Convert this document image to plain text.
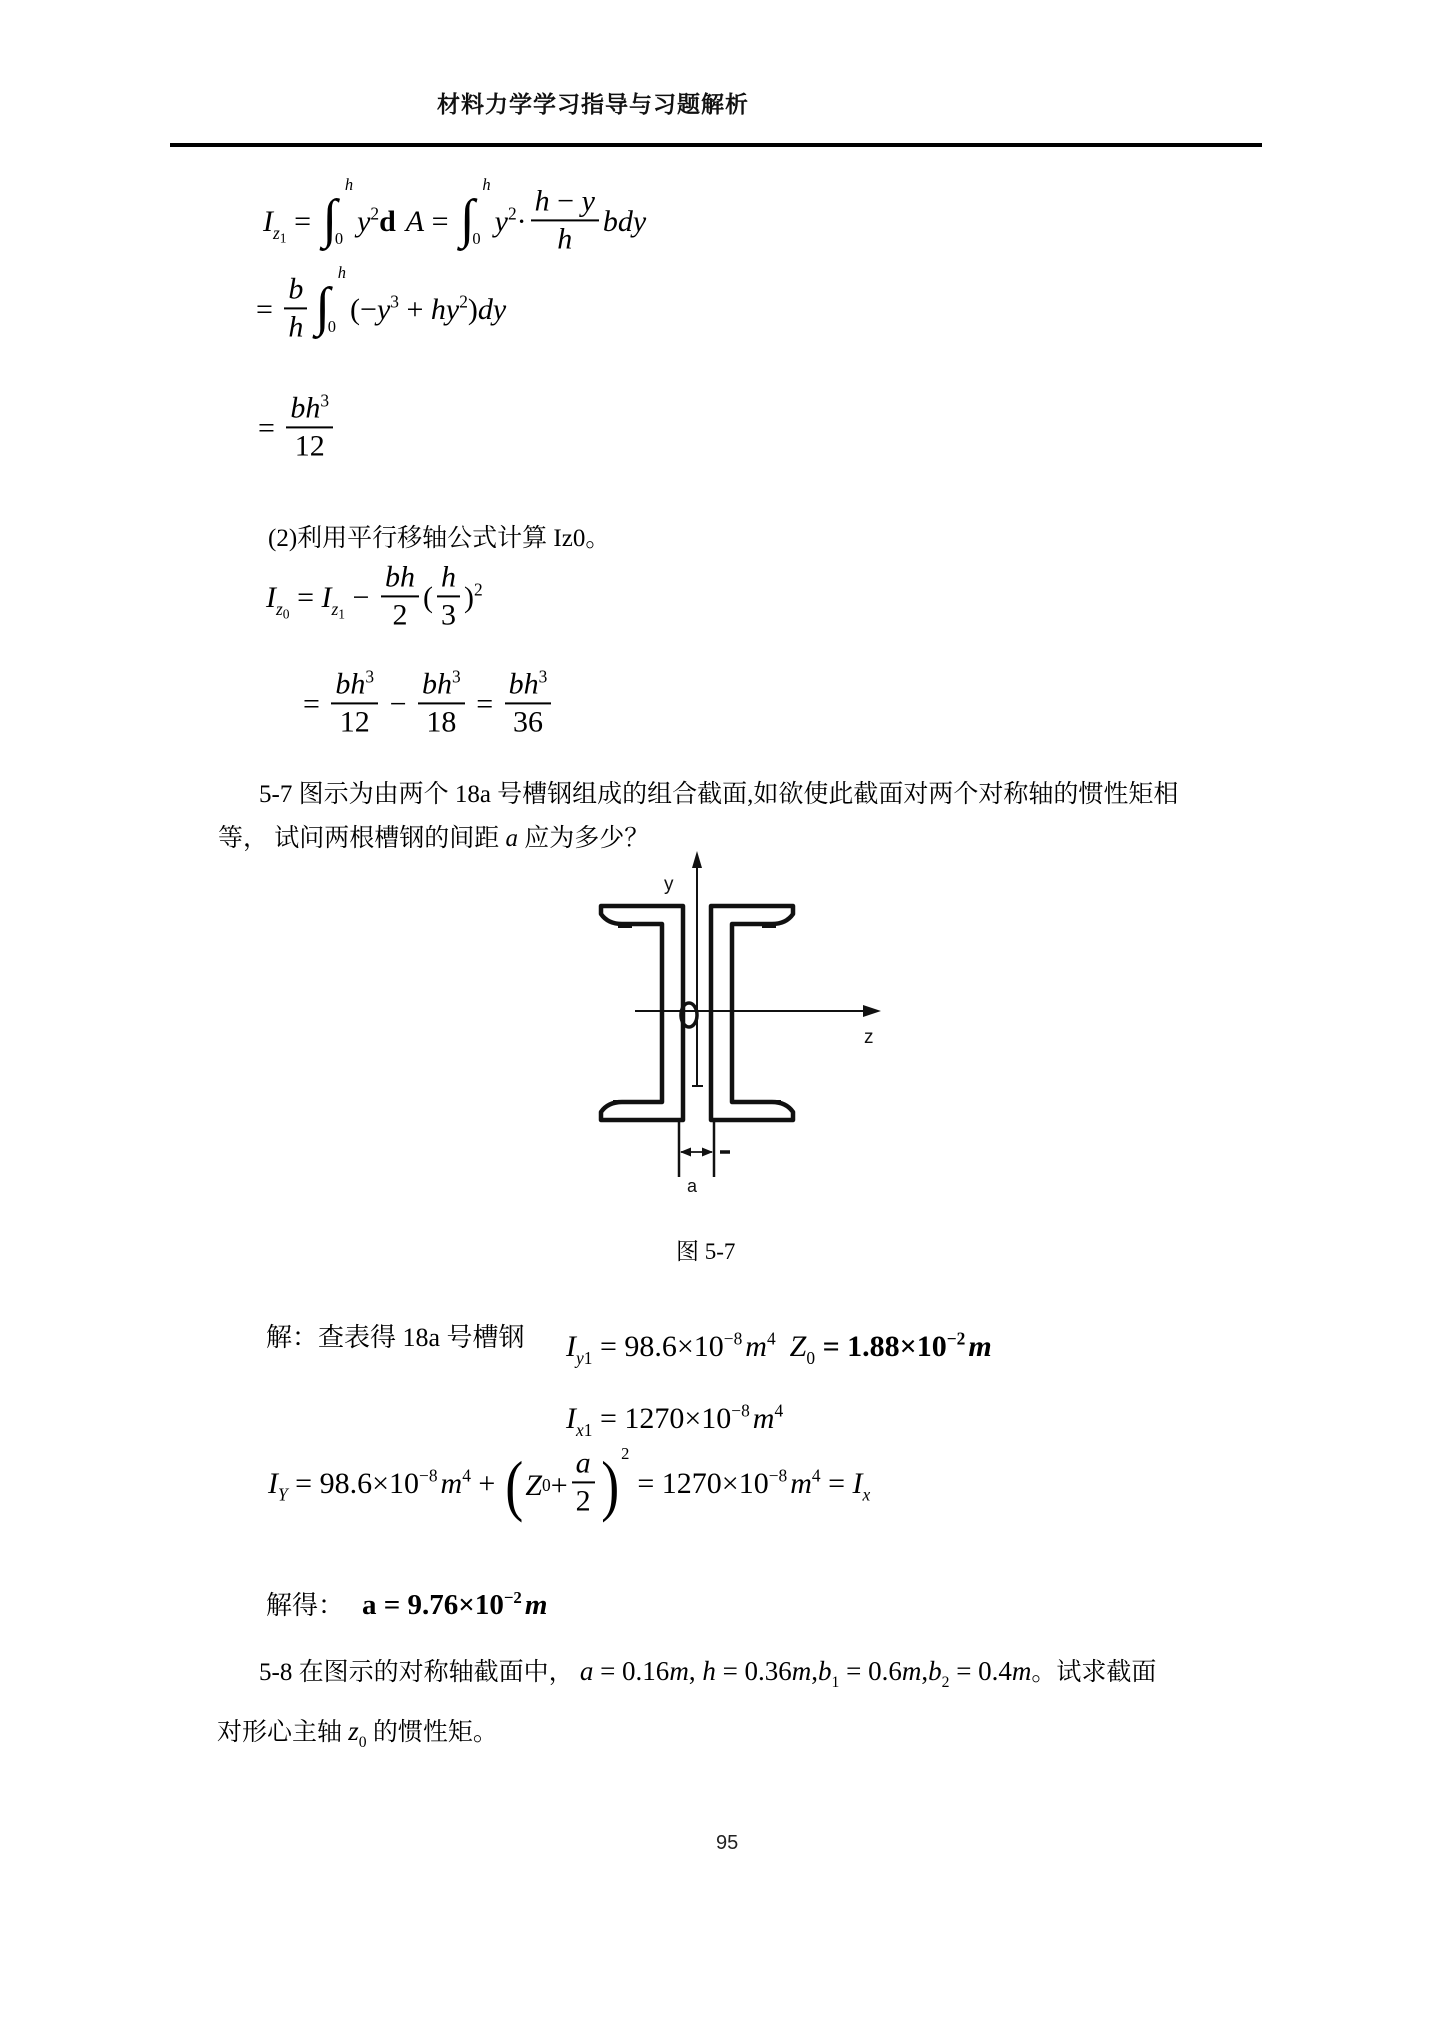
材料力学学习指导与习题解析
$I_{z1}$ = ∫
h
0
$y^2d$ A = ∫
h
0
$y^2\cdot \frac{h - y}{h}$ bdy
= $\frac{b}{h}$ ∫
h
0
$(-y^3 + hy^2)dy$
= $\frac{bh^3}{12}$
(2)利用平行移轴公式计算 Iz0。
$I_{z0} = I_{z1} - \frac{bh}{2}$ ( $\frac{h}{3} )^2$
= $\frac{bh^3}{12} - \frac{bh^3}{18} = \frac{bh^3}{36}$
5-7 图示为由两个 18a 号槽钢组成的组合截面,如欲使此截面对两个对称轴的惯性矩相
等， 试问两根槽钢的间距 a 应为多少？
y
z
a
图 5-7
解：查表得 18a 号槽钢 $I_{y1} = 98.6\times 10^{-8}$ $m^4$ $Z_0 = 1.88\times 10^{-2}$ m
$I_{x1} = 1270\times 10^{-8}$ $m^4$
$I_Y = 98.6\times 10^{-8}$ $m^4$ + ( Z $0 + \frac{a}{2}$ ) 2
= $1270\times 10^{-8}$ $m^4 = I_x$
解得： $a = 9.76\times 10^{-2}$ m
5-8 在图示的对称轴截面中， a = 0.16m, $h = 0.36m,b_1 = 0.6m,b_2 = 0.4m$。试求截面
对形心主轴 $z_0$ 的惯性矩。
95
